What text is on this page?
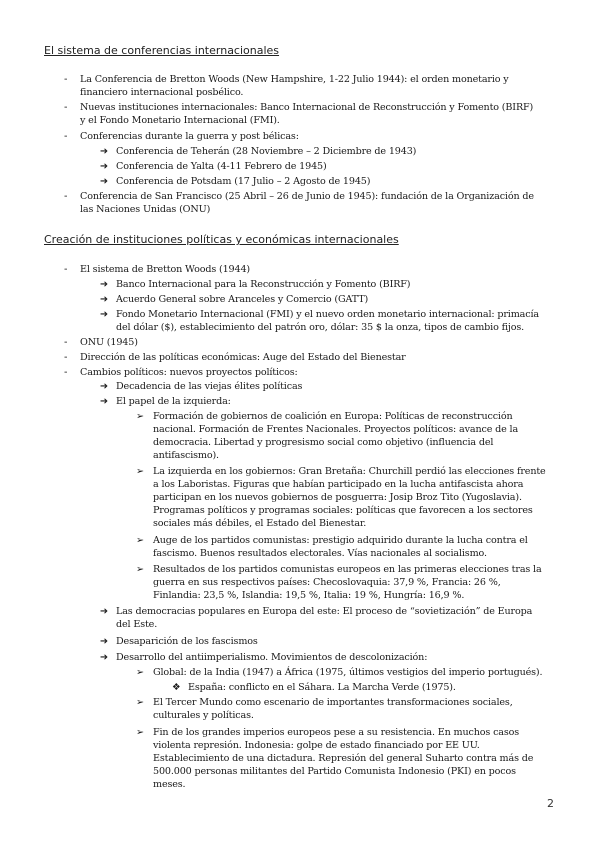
El sistema de conferencias internacionales
- La Conferencia de Bretton Woods (New Hampshire, 1-22 Julio 1944): el orden monetario y
financiero internacional posbélico.
- Nuevas instituciones internacionales: Banco Internacional de Reconstrucción y Fomento (BIRF)
y el Fondo Monetario Internacional (FMI).
- Conferencias durante la guerra y post bélicas:
➔ Conferencia de Teherán (28 Noviembre – 2 Diciembre de 1943)
➔ Conferencia de Yalta (4-11 Febrero de 1945)
➔ Conferencia de Potsdam (17 Julio – 2 Agosto de 1945)
- Conferencia de San Francisco (25 Abril – 26 de Junio de 1945): fundación de la Organización de
las Naciones Unidas (ONU)
Creación de instituciones políticas y económicas internacionales
- El sistema de Bretton Woods (1944)
➔ Banco Internacional para la Reconstrucción y Fomento (BIRF)
➔ Acuerdo General sobre Aranceles y Comercio (GATT)
➔ Fondo Monetario Internacional (FMI) y el nuevo orden monetario internacional: primacía
del dólar ($), establecimiento del patrón oro, dólar: 35 $ la onza, tipos de cambio fijos.
- ONU (1945)
- Dirección de las políticas económicas: Auge del Estado del Bienestar
- Cambios políticos: nuevos proyectos políticos:
➔ Decadencia de las viejas élites políticas
➔ El papel de la izquierda:
➢ Formación de gobiernos de coalición en Europa: Políticas de reconstrucción
nacional. Formación de Frentes Nacionales. Proyectos políticos: avance de la
democracia. Libertad y progresismo social como objetivo (influencia del
antifascismo).
➢ La izquierda en los gobiernos: Gran Bretaña: Churchill perdió las elecciones frente
a los Laboristas. Figuras que habían participado en la lucha antifascista ahora
participan en los nuevos gobiernos de posguerra: Josip Broz Tito (Yugoslavia).
Programas políticos y programas sociales: políticas que favorecen a los sectores
sociales más débiles, el Estado del Bienestar.
➢ Auge de los partidos comunistas: prestigio adquirido durante la lucha contra el
fascismo. Buenos resultados electorales. Vías nacionales al socialismo.
➢ Resultados de los partidos comunistas europeos en las primeras elecciones tras la
guerra en sus respectivos países: Checoslovaquia: 37,9 %, Francia: 26 %,
Finlandia: 23,5 %, Islandia: 19,5 %, Italia: 19 %, Hungría: 16,9 %.
➔ Las democracias populares en Europa del este: El proceso de “sovietización” de Europa
del Este.
➔ Desaparición de los fascismos
➔ Desarrollo del antiimperialismo. Movimientos de descolonización:
➢ Global: de la India (1947) a África (1975, últimos vestigios del imperio portugués).
❖ España: conflicto en el Sáhara. La Marcha Verde (1975).
➢ El Tercer Mundo como escenario de importantes transformaciones sociales,
culturales y políticas.
➢ Fin de los grandes imperios europeos pese a su resistencia. En muchos casos
violenta represión. Indonesia: golpe de estado financiado por EE UU.
Establecimiento de una dictadura. Represión del general Suharto contra más de
500.000 personas militantes del Partido Comunista Indonesio (PKI) en pocos
meses.
2
